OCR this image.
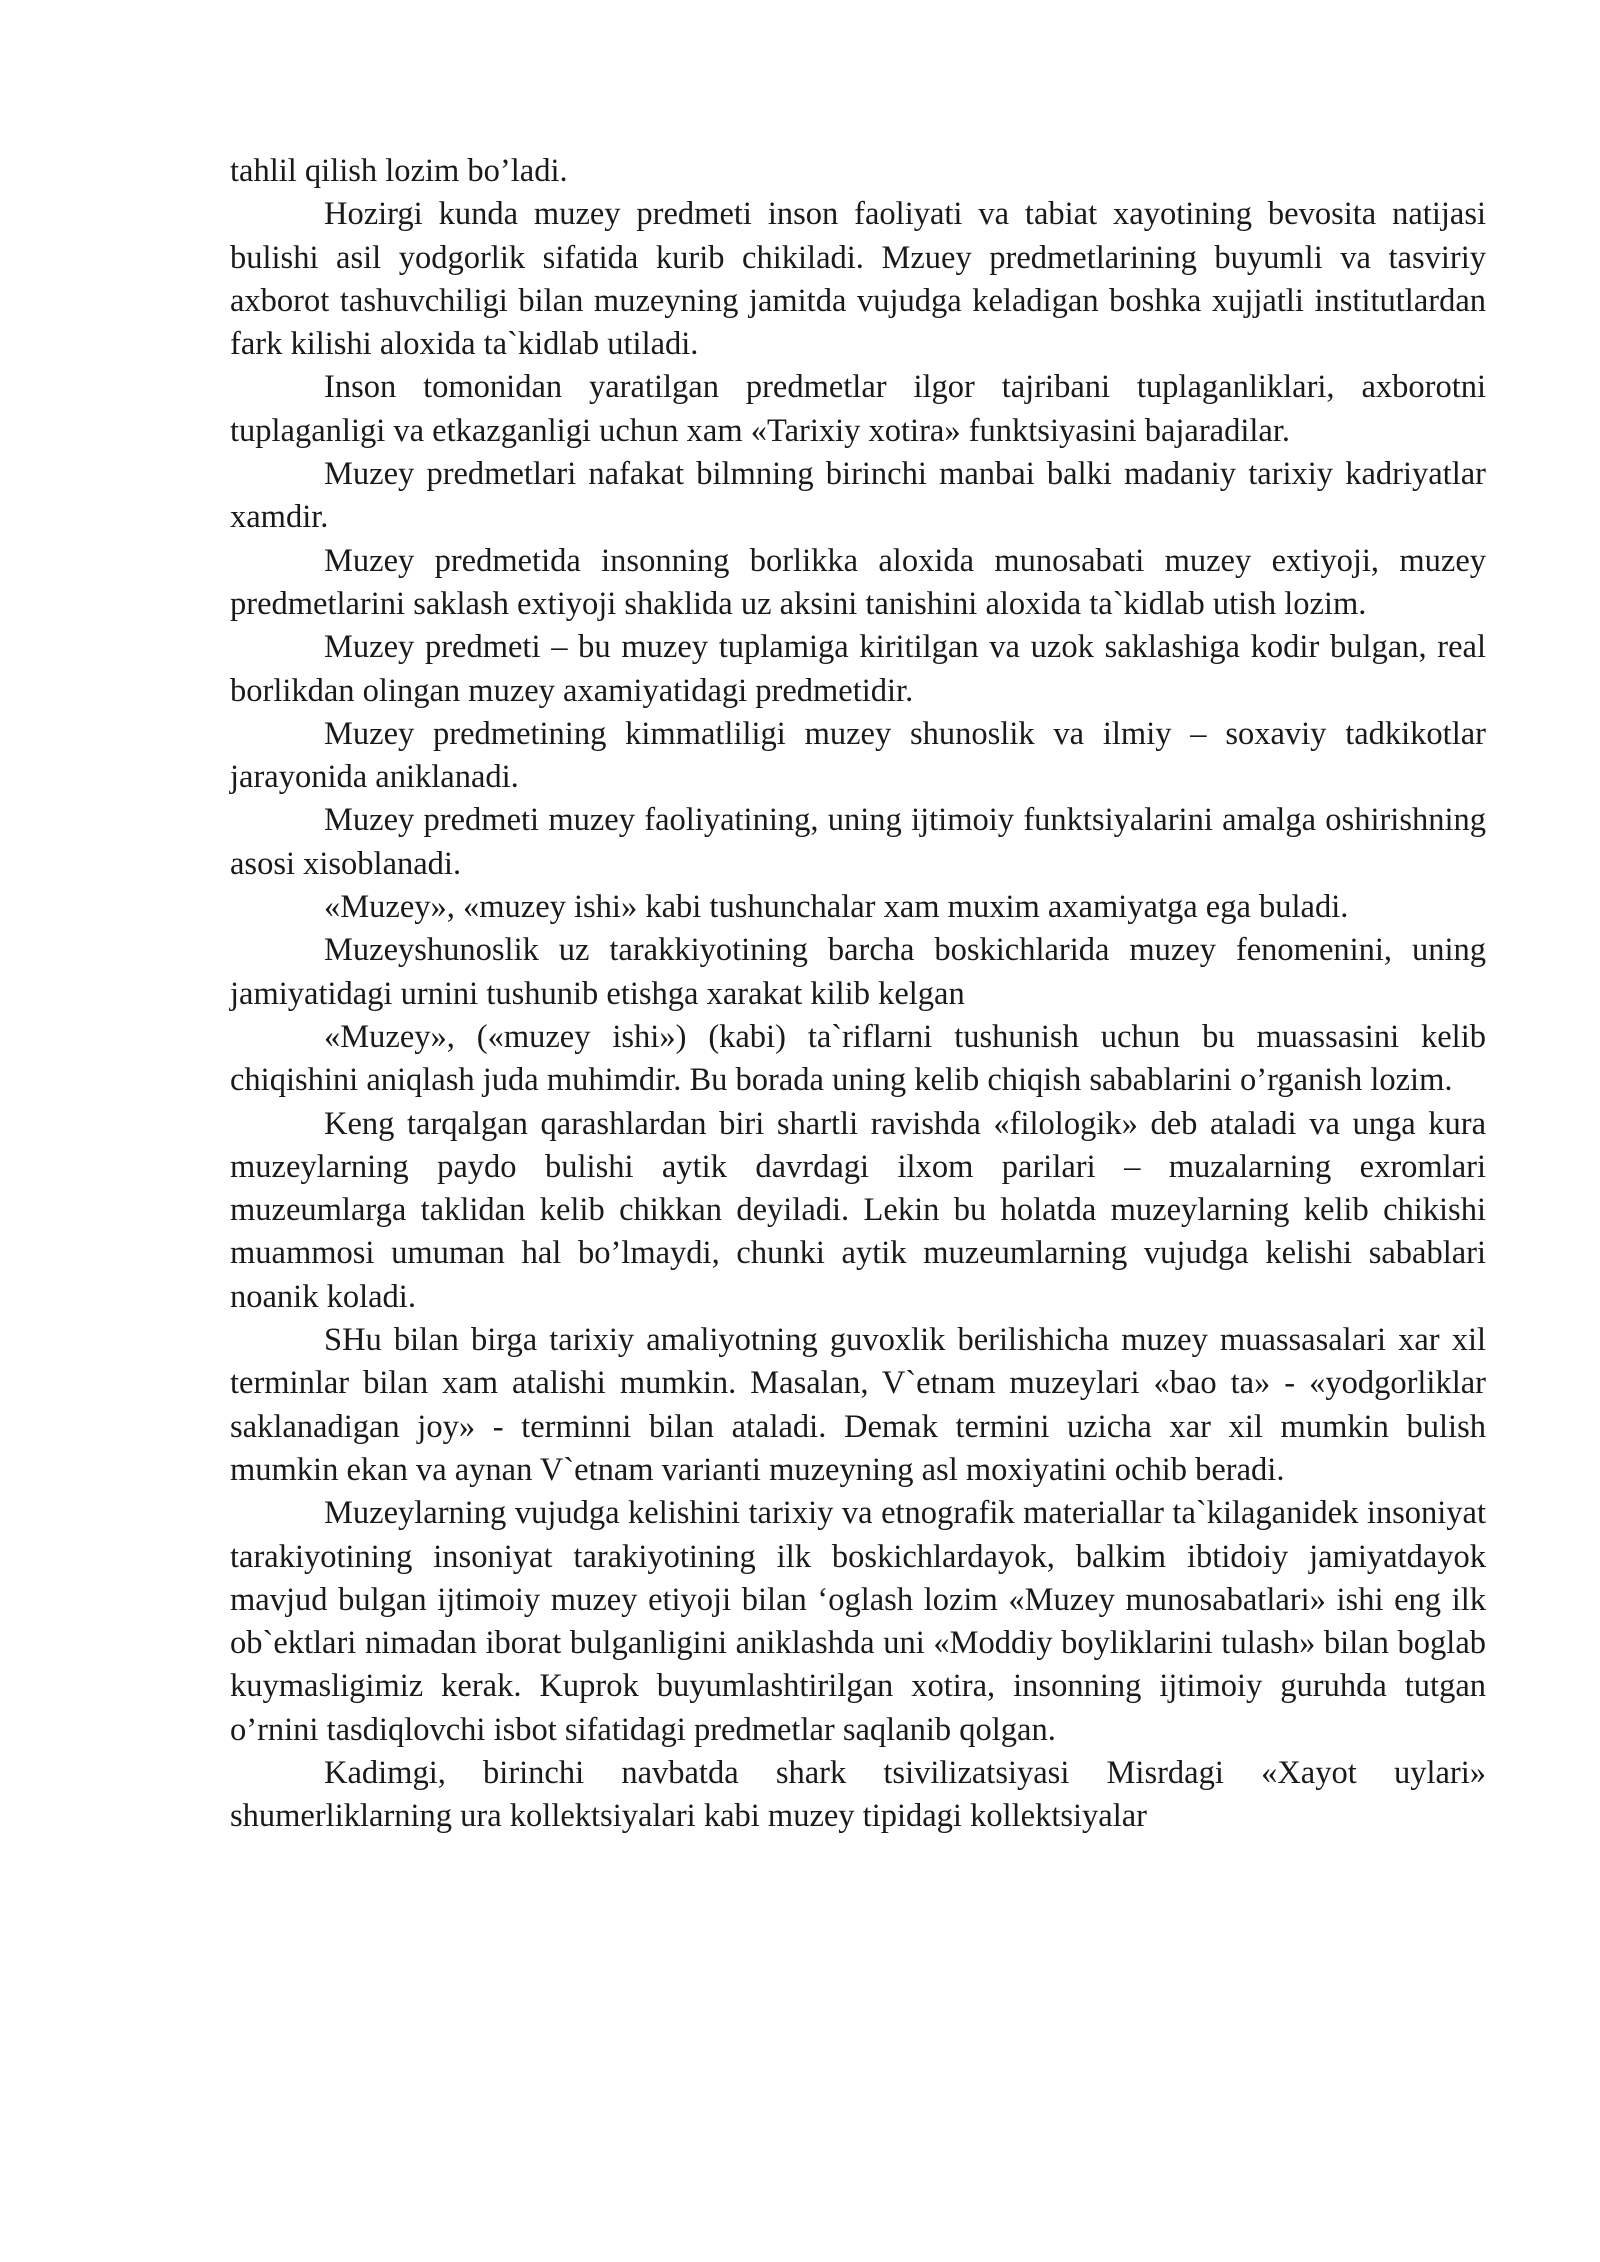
tahlil qilish lozim bo’ladi.

Hozirgi kunda muzey predmeti inson faoliyati va tabiat xayotining bevosita natijasi bulishi asil yodgorlik sifatida kurib chikiladi. Mzuey predmetlarining buyumli va tasviriy axborot tashuvchiligi bilan muzeyning jamitda vujudga keladigan boshka xujjatli institutlardan fark kilishi aloxida ta`kidlab utiladi.

Inson tomonidan yaratilgan predmetlar ilgor tajribani tuplaganliklari, axborotni tuplaganligi va etkazganligi uchun xam «Tarixiy xotira» funktsiyasini bajaradilar.

Muzey predmetlari nafakat bilmning birinchi manbai balki madaniy tarixiy kadriyatlar xamdir.

Muzey predmetida insonning borlikka aloxida munosabati muzey extiyoji, muzey predmetlarini saklash extiyoji shaklida uz aksini tanishini aloxida ta`kidlab utish lozim.

Muzey predmeti – bu muzey tuplamiga kiritilgan va uzok saklashiga kodir bulgan, real borlikdan olingan muzey axamiyatidagi predmetidir.

Muzey predmetining kimmatliligi muzey shunoslik va ilmiy – soxaviy tadkikotlar jarayonida aniklanadi.

Muzey predmeti muzey faoliyatining, uning ijtimoiy funktsiyalarini amalga oshirishning asosi xisoblanadi.

«Muzey», «muzey ishi» kabi tushunchalar xam muxim axamiyatga ega buladi.

Muzeyshunoslik uz tarakkiyotining barcha boskichlarida muzey fenomenini, uning jamiyatidagi urnini tushunib etishga xarakat kilib kelgan

«Muzey», («muzey ishi») (kabi) ta`riflarni tushunish uchun bu muassasini kelib chiqishini aniqlash juda muhimdir. Bu borada uning kelib chiqish sabablarini o’rganish lozim.

Keng tarqalgan qarashlardan biri shartli ravishda «filologik» deb ataladi va unga kura muzeylarning paydo bulishi aytik davrdagi ilxom parilari – muzalarning exromlari muzeumlarga taklidan kelib chikkan deyiladi. Lekin bu holatda muzeylarning kelib chikishi muammosi umuman hal bo’lmaydi, chunki aytik muzeumlarning vujudga kelishi sabablari noanik koladi.

SHu bilan birga tarixiy amaliyotning guvoxlik berilishicha muzey muassasalari xar xil terminlar bilan xam atalishi mumkin. Masalan, V`etnam muzeylari «bao ta» - «yodgorliklar saklanadigan joy» - terminni bilan ataladi. Demak termini uzicha xar xil mumkin bulish mumkin ekan va aynan V`etnam varianti muzeyning asl moxiyatini ochib beradi.

Muzeylarning vujudga kelishini tarixiy va etnografik materiallar ta`kilaganidek insoniyat tarakiyotining insoniyat tarakiyotining ilk boskichlardayok, balkim ibtidoiy jamiyatdayok mavjud bulgan ijtimoiy muzey etiyoji bilan ‘oglash lozim «Muzey munosabatlari» ishi eng ilk ob`ektlari nimadan iborat bulganligini aniklashda uni «Moddiy boyliklarini tulash» bilan boglab kuymasligimiz kerak. Kuprok buyumlashtirilgan xotira, insonning ijtimoiy guruhda tutgan o’rnini tasdiqlovchi isbot sifatidagi predmetlar saqlanib qolgan.

Kadimgi, birinchi navbatda shark tsivilizatsiyasi Misrdagi «Xayot uylari» shumerliklarning ura kollektsiyalari kabi muzey tipidagi kollektsiyalar
